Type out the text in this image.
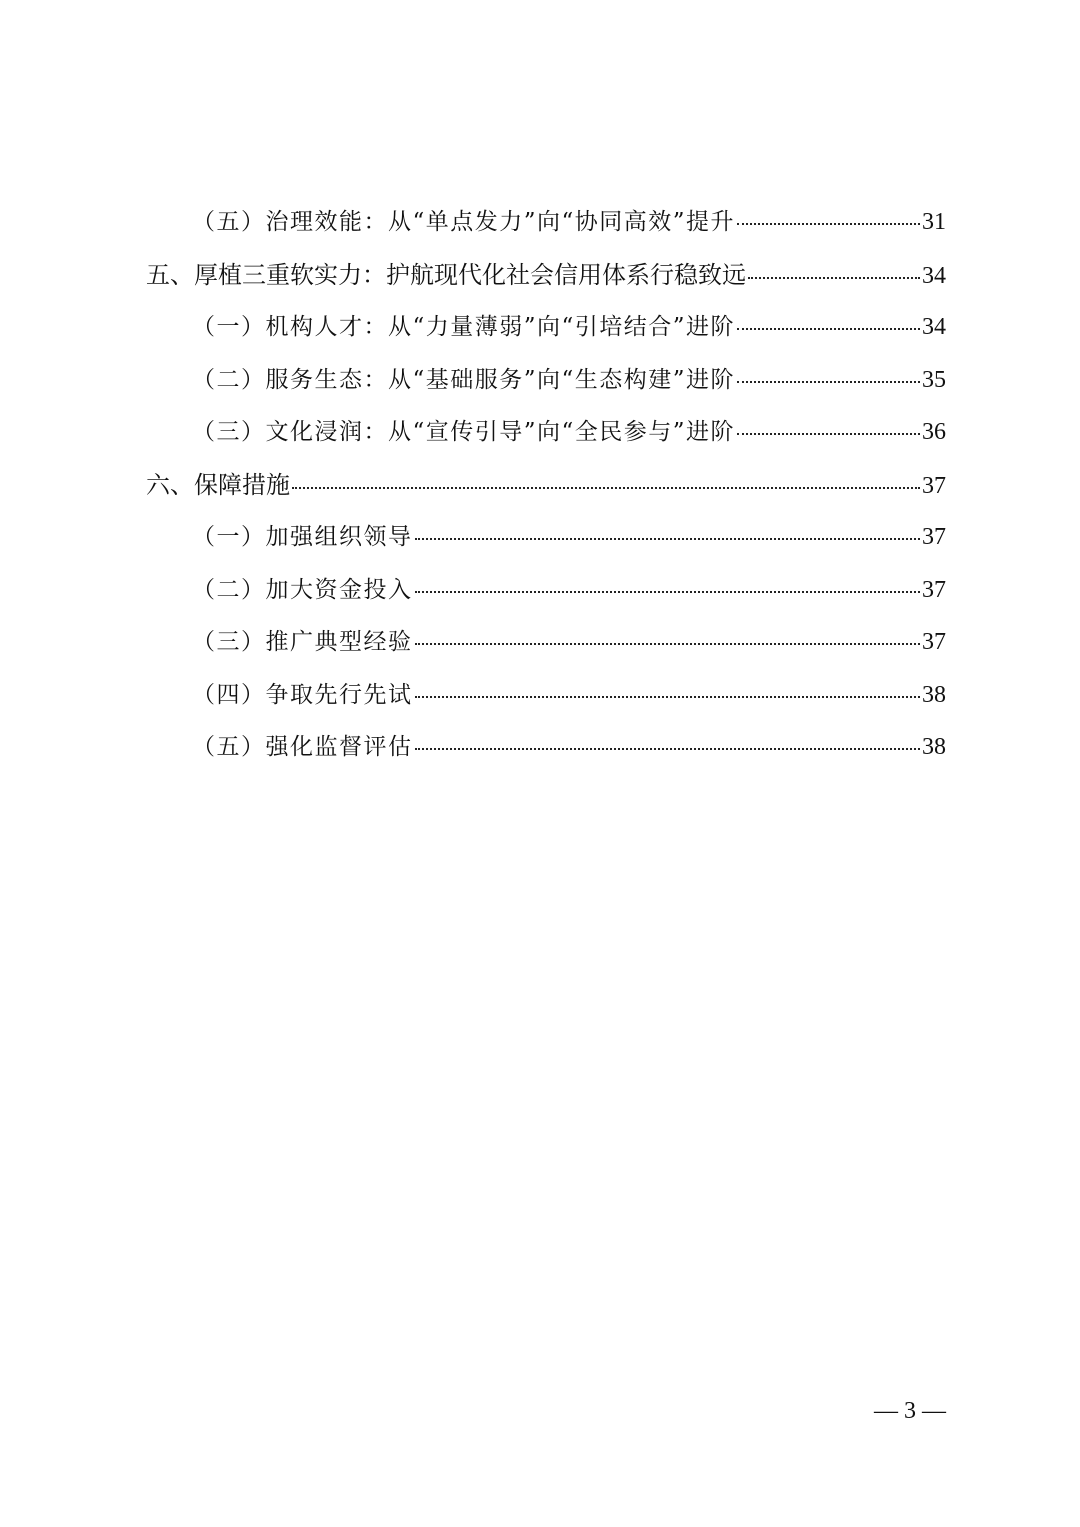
（五）治理效能：从“单点发力”向“协同高效”提升	31
五、厚植三重软实力：护航现代化社会信用体系行稳致远	34
（一）机构人才：从“力量薄弱”向“引培结合”进阶	34
（二）服务生态：从“基础服务”向“生态构建”进阶	35
（三）文化浸润：从“宣传引导”向“全民参与”进阶	36
六、保障措施	37
（一）加强组织领导	37
（二）加大资金投入	37
（三）推广典型经验	37
（四）争取先行先试	38
（五）强化监督评估	38
— 3 —
